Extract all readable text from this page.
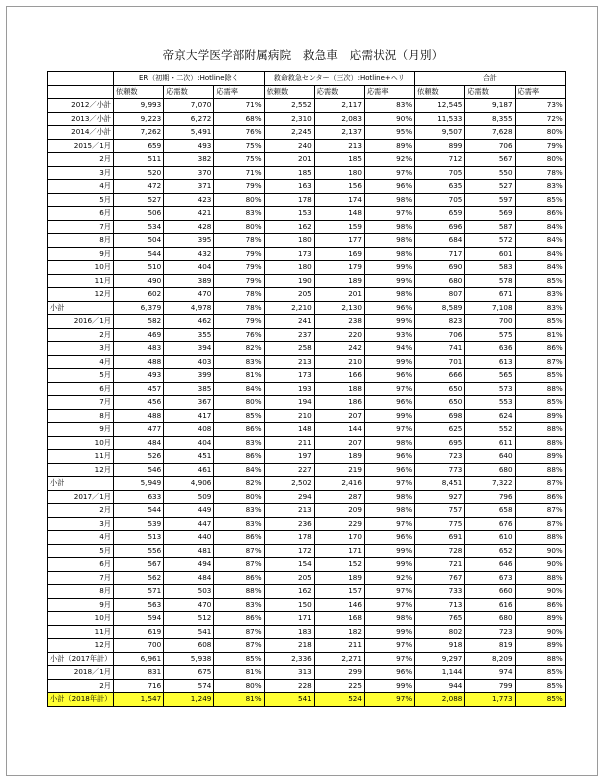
帝京大学医学部附属病院　救急車　応需状況（月別）
	ER（初期・二次）:Hotline除く			救命救急センター（三次）:Hotline+ヘリ			合計		
	依頼数	応需数	応需率	依頼数	応需数	応需率	依頼数	応需数	応需率
2012／小計	9,993	7,070	71%	2,552	2,117	83%	12,545	9,187	73%
2013／小計	9,223	6,272	68%	2,310	2,083	90%	11,533	8,355	72%
2014／小計	7,262	5,491	76%	2,245	2,137	95%	9,507	7,628	80%
2015／1月	659	493	75%	240	213	89%	899	706	79%
2月	511	382	75%	201	185	92%	712	567	80%
3月	520	370	71%	185	180	97%	705	550	78%
4月	472	371	79%	163	156	96%	635	527	83%
5月	527	423	80%	178	174	98%	705	597	85%
6月	506	421	83%	153	148	97%	659	569	86%
7月	534	428	80%	162	159	98%	696	587	84%
8月	504	395	78%	180	177	98%	684	572	84%
9月	544	432	79%	173	169	98%	717	601	84%
10月	510	404	79%	180	179	99%	690	583	84%
11月	490	389	79%	190	189	99%	680	578	85%
12月	602	470	78%	205	201	98%	807	671	83%
小計	6,379	4,978	78%	2,210	2,130	96%	8,589	7,108	83%
2016／1月	582	462	79%	241	238	99%	823	700	85%
2月	469	355	76%	237	220	93%	706	575	81%
3月	483	394	82%	258	242	94%	741	636	86%
4月	488	403	83%	213	210	99%	701	613	87%
5月	493	399	81%	173	166	96%	666	565	85%
6月	457	385	84%	193	188	97%	650	573	88%
7月	456	367	80%	194	186	96%	650	553	85%
8月	488	417	85%	210	207	99%	698	624	89%
9月	477	408	86%	148	144	97%	625	552	88%
10月	484	404	83%	211	207	98%	695	611	88%
11月	526	451	86%	197	189	96%	723	640	89%
12月	546	461	84%	227	219	96%	773	680	88%
小計	5,949	4,906	82%	2,502	2,416	97%	8,451	7,322	87%
2017／1月	633	509	80%	294	287	98%	927	796	86%
2月	544	449	83%	213	209	98%	757	658	87%
3月	539	447	83%	236	229	97%	775	676	87%
4月	513	440	86%	178	170	96%	691	610	88%
5月	556	481	87%	172	171	99%	728	652	90%
6月	567	494	87%	154	152	99%	721	646	90%
7月	562	484	86%	205	189	92%	767	673	88%
8月	571	503	88%	162	157	97%	733	660	90%
9月	563	470	83%	150	146	97%	713	616	86%
10月	594	512	86%	171	168	98%	765	680	89%
11月	619	541	87%	183	182	99%	802	723	90%
12月	700	608	87%	218	211	97%	918	819	89%
小計（2017年計）	6,961	5,938	85%	2,336	2,271	97%	9,297	8,209	88%
2018／1月	831	675	81%	313	299	96%	1,144	974	85%
2月	716	574	80%	228	225	99%	944	799	85%
小計（2018年計）	1,547	1,249	81%	541	524	97%	2,088	1,773	85%
